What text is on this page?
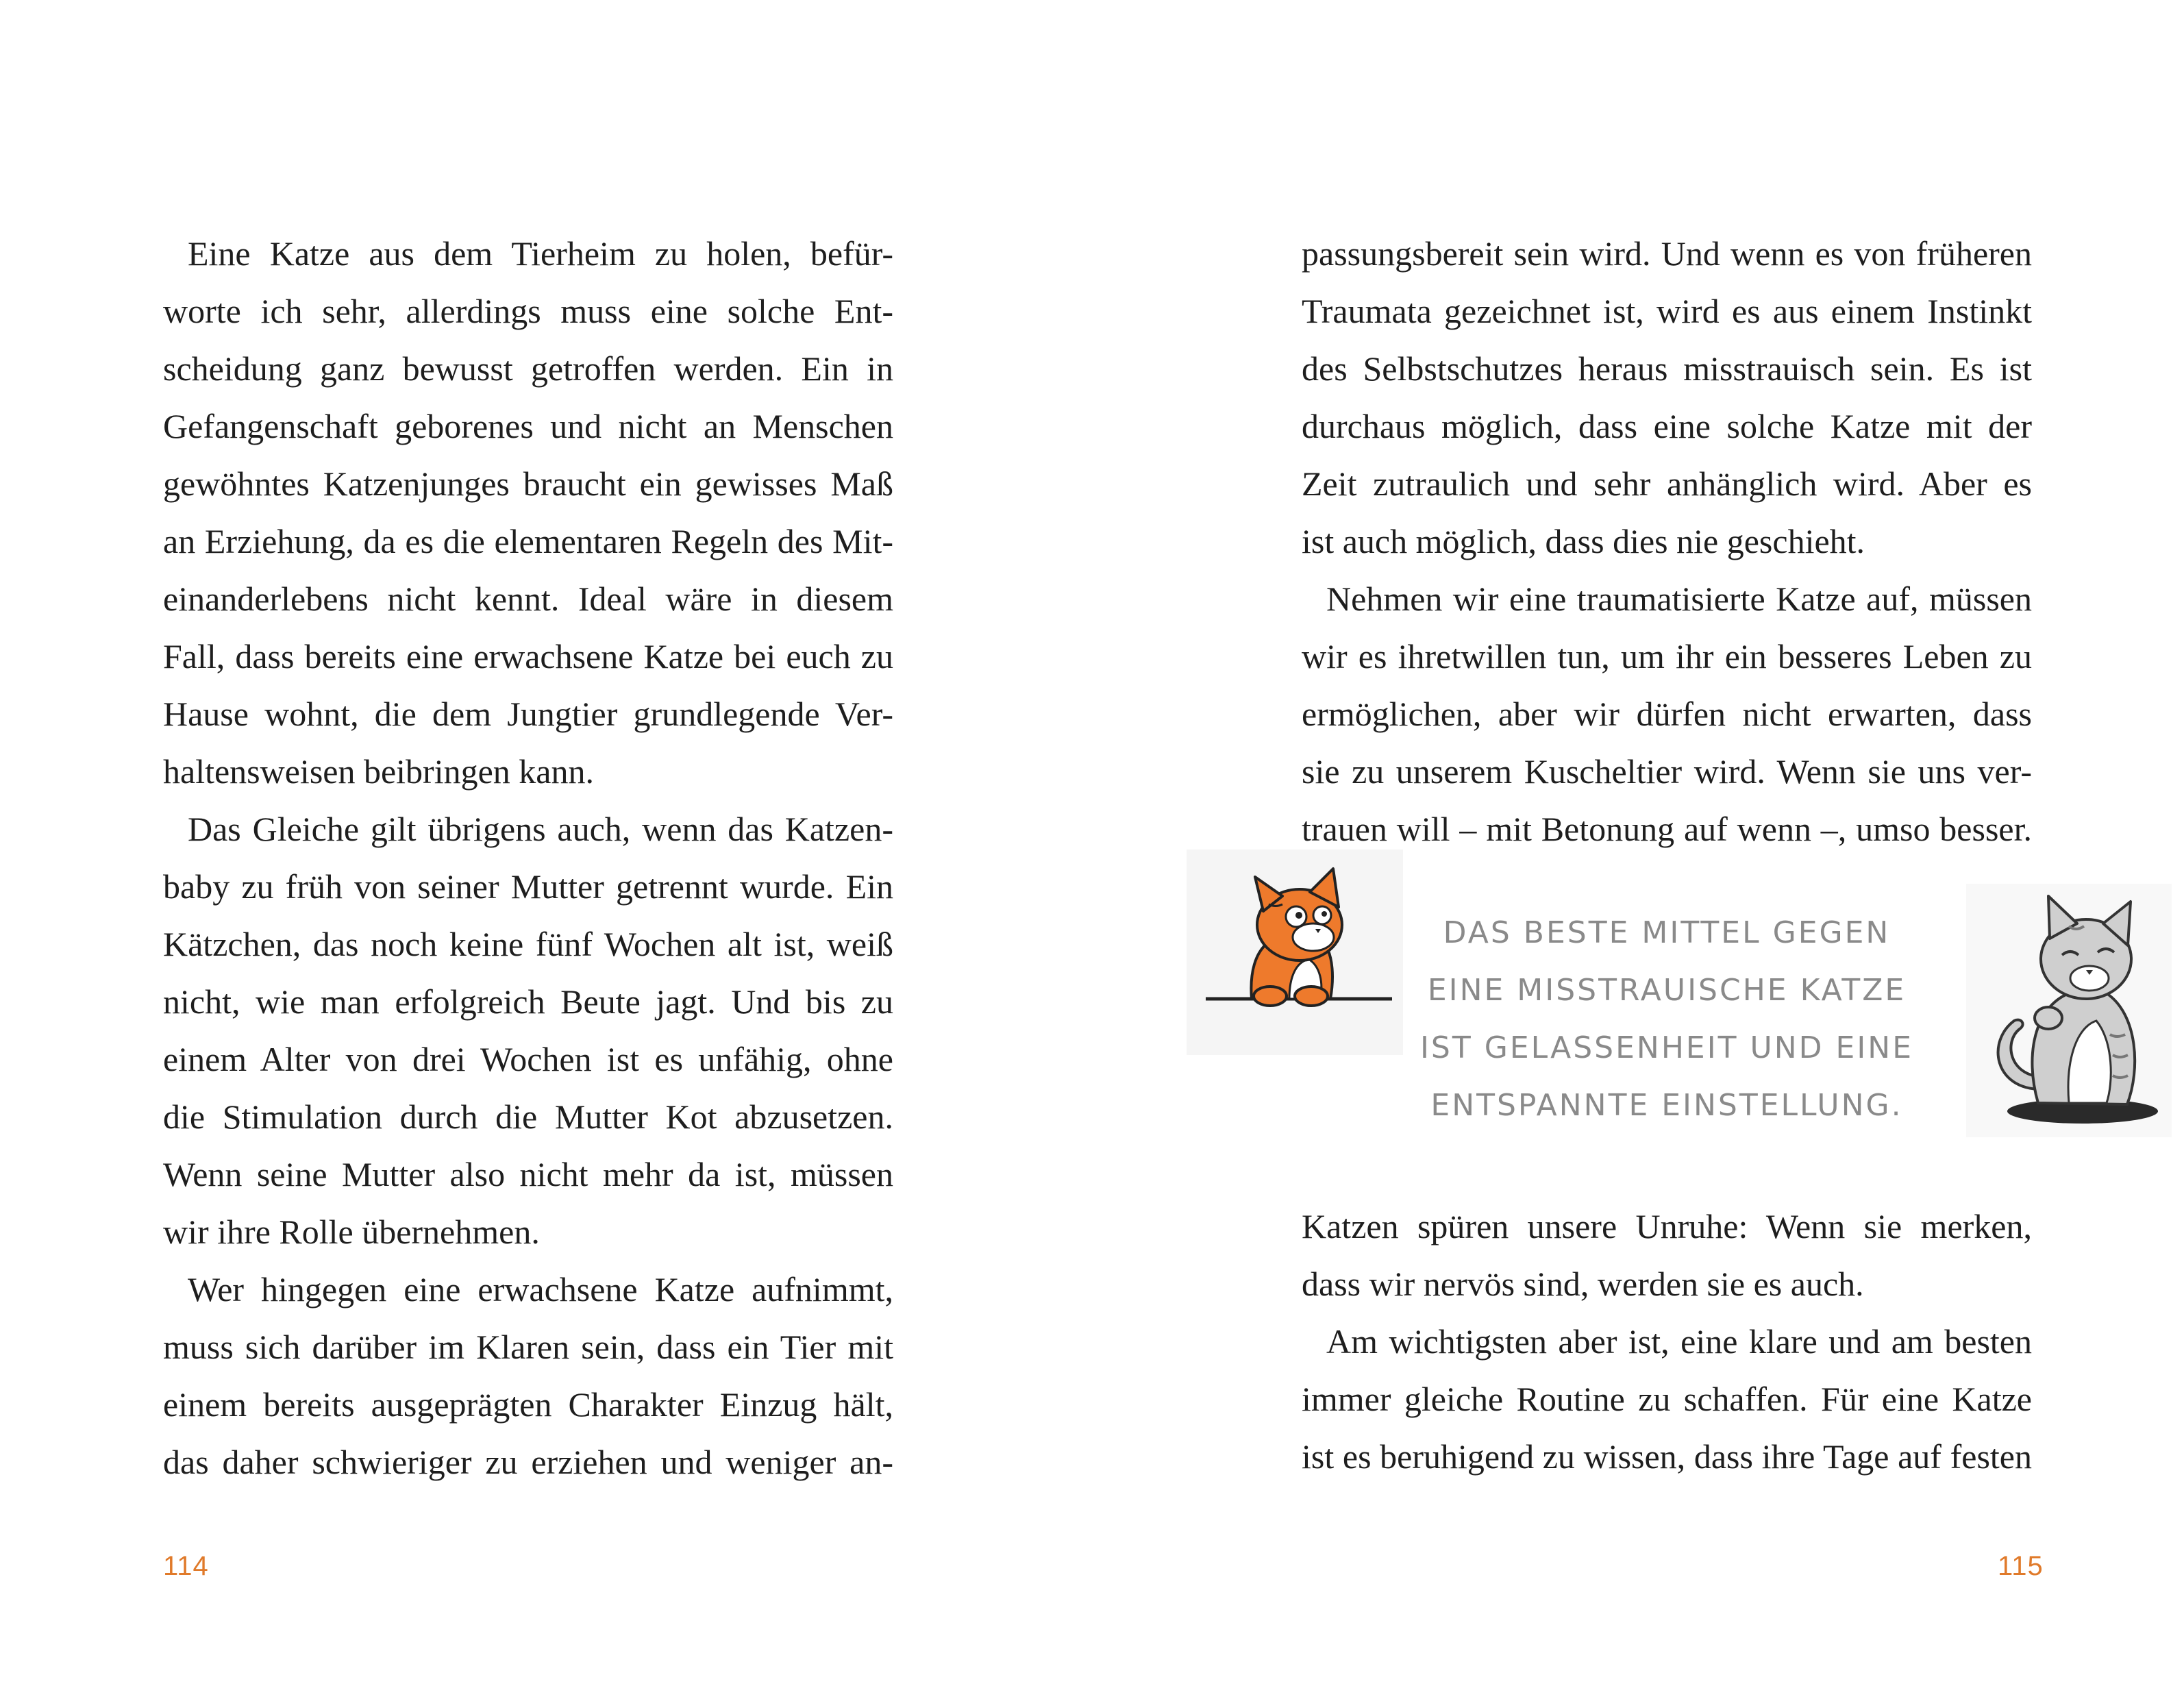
Eine Katze aus dem Tierheim zu holen, befür-
worte ich sehr, allerdings muss eine solche Ent-
scheidung ganz bewusst getroffen werden. Ein in
Gefangenschaft geborenes und nicht an Menschen
gewöhntes Katzenjunges braucht ein gewisses Maß
an Erziehung, da es die elementaren Regeln des Mit-
einanderlebens nicht kennt. Ideal wäre in diesem
Fall, dass bereits eine erwachsene Katze bei euch zu
Hause wohnt, die dem Jungtier grundlegende Ver-
haltensweisen beibringen kann.
Das Gleiche gilt übrigens auch, wenn das Katzen-
baby zu früh von seiner Mutter getrennt wurde. Ein
Kätzchen, das noch keine fünf Wochen alt ist, weiß
nicht, wie man erfolgreich Beute jagt. Und bis zu
einem Alter von drei Wochen ist es unfähig, ohne
die Stimulation durch die Mutter Kot abzusetzen.
Wenn seine Mutter also nicht mehr da ist, müssen
wir ihre Rolle übernehmen.
Wer hingegen eine erwachsene Katze aufnimmt,
muss sich darüber im Klaren sein, dass ein Tier mit
einem bereits ausgeprägten Charakter Einzug hält,
das daher schwieriger zu erziehen und weniger an-
114
passungsbereit sein wird. Und wenn es von früheren
Traumata gezeichnet ist, wird es aus einem Instinkt
des Selbstschutzes heraus misstrauisch sein. Es ist
durchaus möglich, dass eine solche Katze mit der
Zeit zutraulich und sehr anhänglich wird. Aber es
ist auch möglich, dass dies nie geschieht.
Nehmen wir eine traumatisierte Katze auf, müssen
wir es ihretwillen tun, um ihr ein besseres Leben zu
ermöglichen, aber wir dürfen nicht erwarten, dass
sie zu unserem Kuscheltier wird. Wenn sie uns ver-
trauen will – mit Betonung auf wenn –, umso besser.
DAS BESTE MITTEL GEGEN
EINE MISSTRAUISCHE KATZE
IST GELASSENHEIT UND EINE
ENTSPANNTE EINSTELLUNG.
Katzen spüren unsere Unruhe: Wenn sie merken,
dass wir nervös sind, werden sie es auch.
Am wichtigsten aber ist, eine klare und am besten
immer gleiche Routine zu schaffen. Für eine Katze
ist es beruhigend zu wissen, dass ihre Tage auf festen
115
